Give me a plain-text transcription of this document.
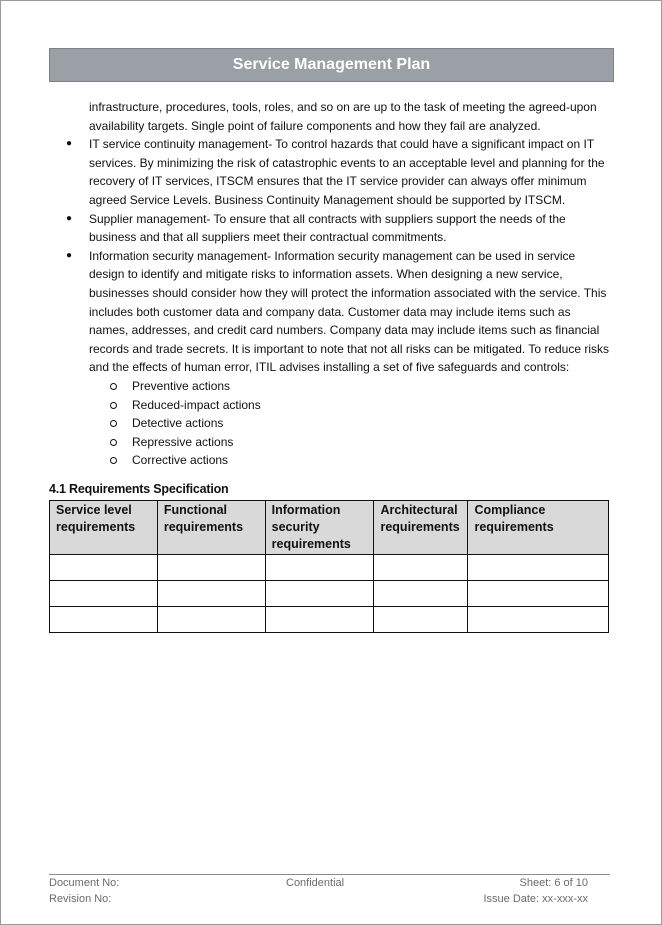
Service Management Plan
infrastructure, procedures, tools, roles, and so on are up to the task of meeting the agreed-upon availability targets. Single point of failure components and how they fail are analyzed.
● IT service continuity management- To control hazards that could have a significant impact on IT services. By minimizing the risk of catastrophic events to an acceptable level and planning for the recovery of IT services, ITSCM ensures that the IT service provider can always offer minimum agreed Service Levels. Business Continuity Management should be supported by ITSCM.
● Supplier management- To ensure that all contracts with suppliers support the needs of the business and that all suppliers meet their contractual commitments.
● Information security management- Information security management can be used in service design to identify and mitigate risks to information assets. When designing a new service, businesses should consider how they will protect the information associated with the service. This includes both customer data and company data. Customer data may include items such as names, addresses, and credit card numbers. Company data may include items such as financial records and trade secrets. It is important to note that not all risks can be mitigated. To reduce risks and the effects of human error, ITIL advises installing a set of five safeguards and controls:
Preventive actions
Reduced-impact actions
Detective actions
Repressive actions
Corrective actions
4.1 Requirements Specification
Service level requirements	Functional requirements	Information security requirements	Architectural requirements	Compliance requirements

Document No:
Revision No:
Confidential	Sheet: 6 of 10
Issue Date: xx-xxx-xx
